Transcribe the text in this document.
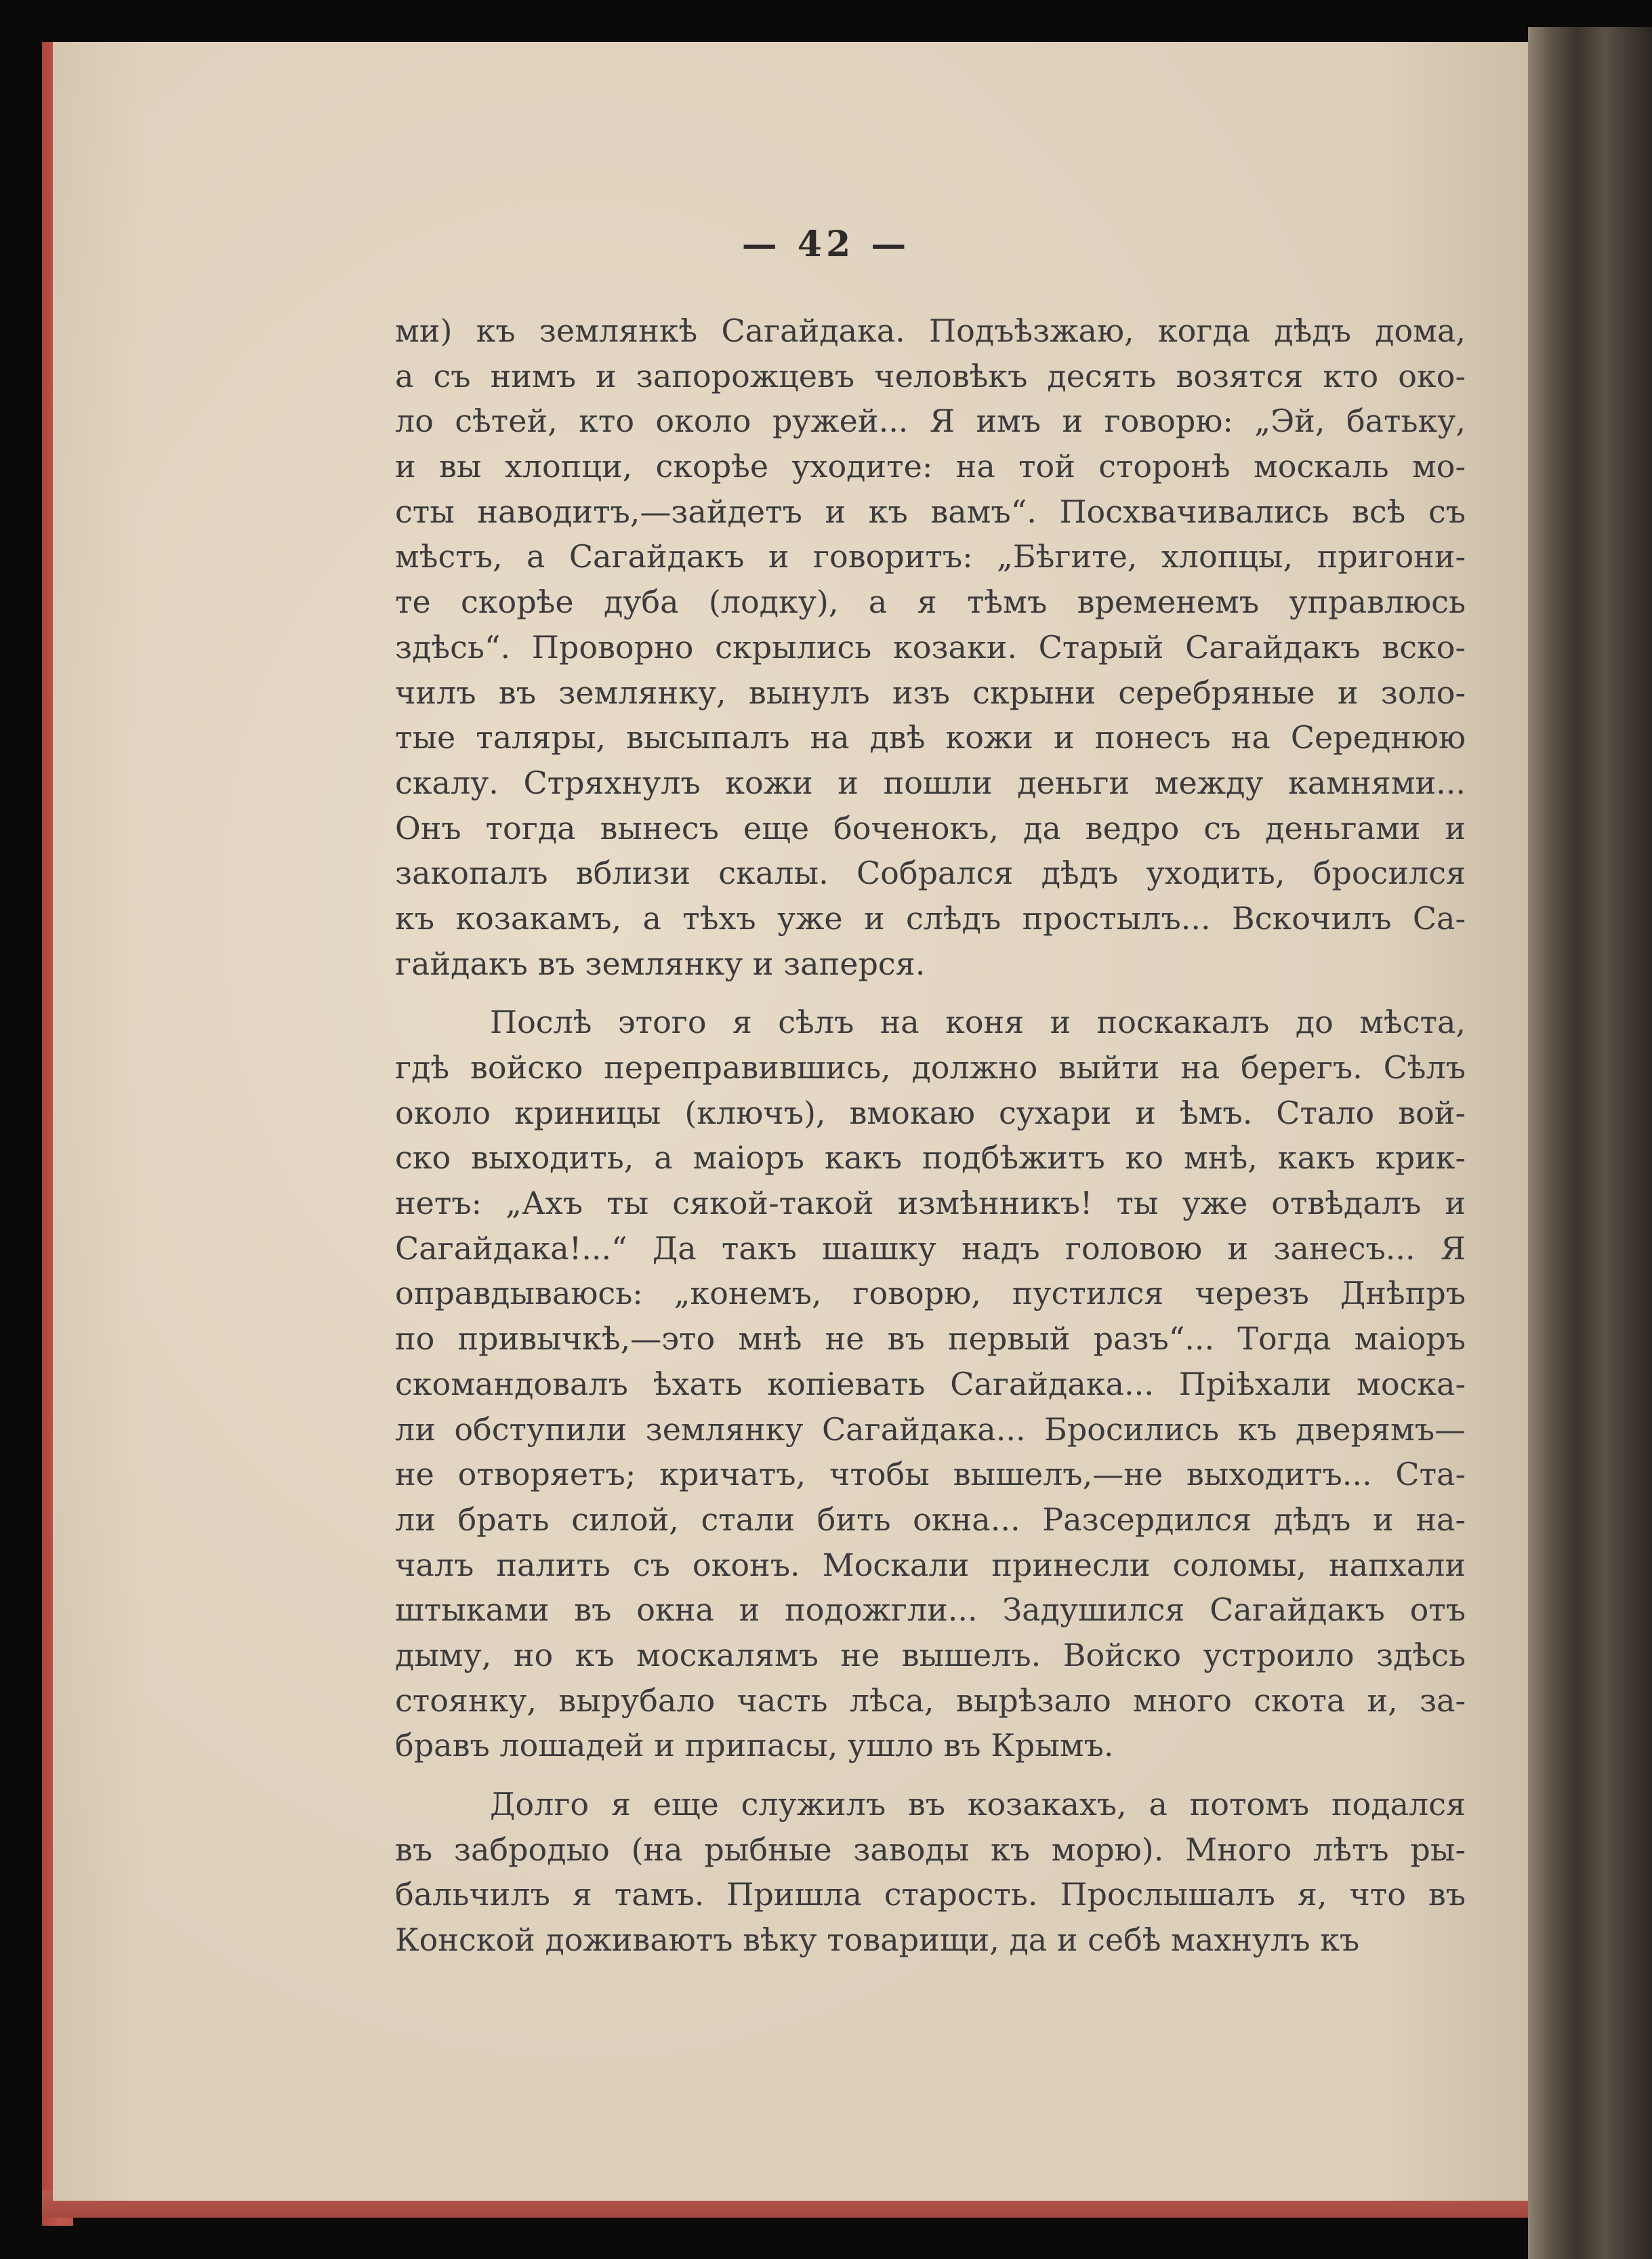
— 42 —
ми) къ землянкѣ Сагайдака. Подъѣзжаю, когда дѣдъ дома,
а съ нимъ и запорожцевъ человѣкъ десять возятся кто око-
ло сѣтей, кто около ружей... Я имъ и говорю: „Эй, батьку,
и вы хлопци, скорѣе уходите: на той сторонѣ москаль мо-
сты наводитъ,—зайдетъ и къ вамъ“. Посхвачивались всѣ съ
мѣстъ, а Сагайдакъ и говоритъ: „Бѣгите, хлопцы, пригони-
те скорѣе дуба (лодку), а я тѣмъ временемъ управлюсь
здѣсь“. Проворно скрылись козаки. Старый Сагайдакъ вско-
чилъ въ землянку, вынулъ изъ скрыни серебряные и золо-
тые таляры, высыпалъ на двѣ кожи и понесъ на Середнюю
скалу. Стряхнулъ кожи и пошли деньги между камнями...
Онъ тогда вынесъ еще боченокъ, да ведро съ деньгами и
закопалъ вблизи скалы. Собрался дѣдъ уходить, бросился
къ козакамъ, а тѣхъ уже и слѣдъ простылъ... Вскочилъ Са-
гайдакъ въ землянку и заперся.
Послѣ этого я сѣлъ на коня и поскакалъ до мѣста,
гдѣ войско переправившись, должно выйти на берегъ. Сѣлъ
около криницы (ключъ), вмокаю сухари и ѣмъ. Стало вой-
ско выходить, а маіоръ какъ подбѣжитъ ко мнѣ, какъ крик-
нетъ: „Ахъ ты сякой-такой измѣнникъ! ты уже отвѣдалъ и
Сагайдака!...“ Да такъ шашку надъ головою и занесъ... Я
оправдываюсь: „конемъ, говорю, пустился черезъ Днѣпръ
по привычкѣ,—это мнѣ не въ первый разъ“... Тогда маіоръ
скомандовалъ ѣхать копіевать Сагайдака... Пріѣхали моска-
ли обступили землянку Сагайдака... Бросились къ дверямъ—
не отворяетъ; кричатъ, чтобы вышелъ,—не выходитъ... Ста-
ли брать силой, стали бить окна... Разсердился дѣдъ и на-
чалъ палить съ оконъ. Москали принесли соломы, напхали
штыками въ окна и подожгли... Задушился Сагайдакъ отъ
дыму, но къ москалямъ не вышелъ. Войско устроило здѣсь
стоянку, вырубало часть лѣса, вырѣзало много скота и, за-
бравъ лошадей и припасы, ушло въ Крымъ.
Долго я еще служилъ въ козакахъ, а потомъ подался
въ забродыо (на рыбные заводы къ морю). Много лѣтъ ры-
бальчилъ я тамъ. Пришла старость. Прослышалъ я, что въ
Конской доживаютъ вѣку товарищи, да и себѣ махнулъ къ
